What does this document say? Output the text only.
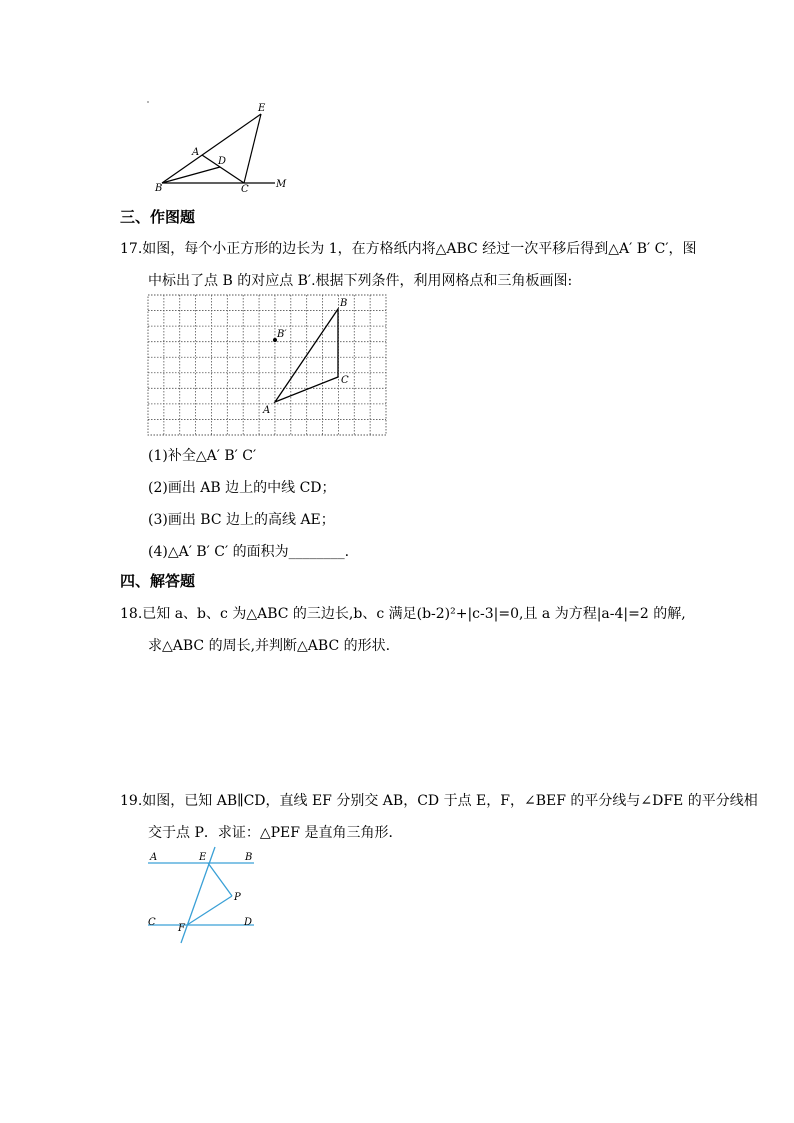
E
A
D
B	C	M
三、作图题
17.如图，每个小正方形的边长为 1，在方格纸内将△ABC 经过一次平移后得到△A′ B′ C′，图
中标出了点 B 的对应点 B′.根据下列条件，利用网格点和三角板画图:
B
B′
C
A
(1)补全△A′ B′ C′
(2)画出 AB 边上的中线 CD；
(3)画出 BC 边上的高线 AE；
(4)△A′ B′ C′ 的面积为________.
四、解答题
18.已知 a、b、c 为△ABC 的三边长,b、c 满足(b-2)²+|c-3|=0,且 a 为方程|a-4|=2 的解,
求△ABC 的周长,并判断△ABC 的形状.
19.如图，已知 AB∥CD，直线 EF 分别交 AB，CD 于点 E，F，∠BEF 的平分线与∠DFE 的平分线相
交于点 P．求证：△PEF 是直角三角形．
A	E	B
P
C
F
D
